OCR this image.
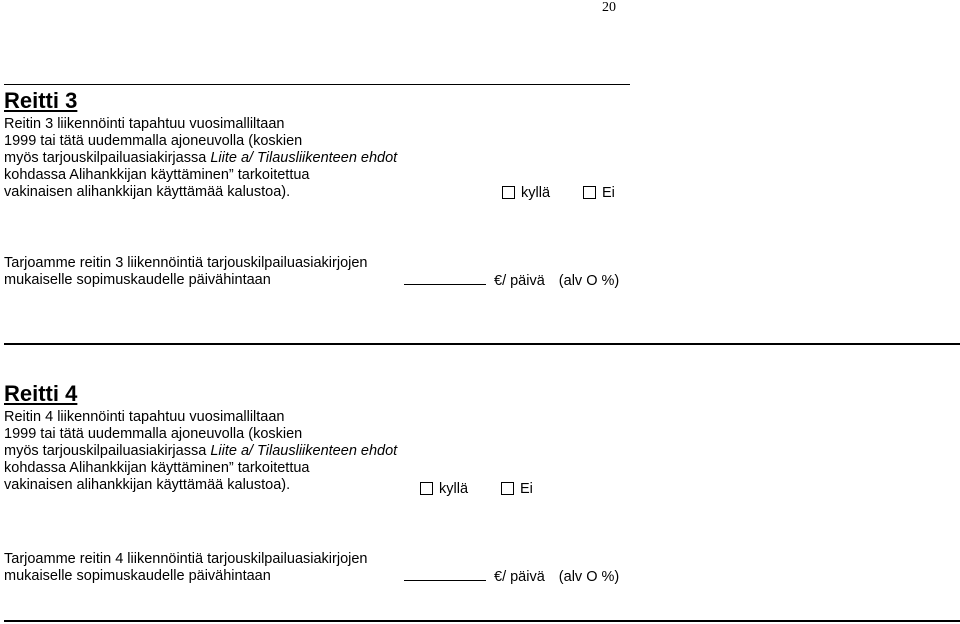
20
Reitti 3
Reitin 3 liikennöinti tapahtuu vuosimalliltaan
1999 tai tätä uudemmalla ajoneuvolla (koskien
myös tarjouskilpailuasiakirjassa Liite a/ Tilausliikenteen ehdot
kohdassa Alihankkijan käyttäminen” tarkoitettua
vakinaisen alihankkijan käyttämää kalustoa).	kyllä	Ei
Tarjoamme reitin 3 liikennöintiä tarjouskilpailuasiakirjojen
mukaiselle sopimuskaudelle päivähintaan	€/ päivä (alv O %)
Reitti 4
Reitin 4 liikennöinti tapahtuu vuosimalliltaan
1999 tai tätä uudemmalla ajoneuvolla (koskien
myös tarjouskilpailuasiakirjassa Liite a/ Tilausliikenteen ehdot
kohdassa Alihankkijan käyttäminen” tarkoitettua
vakinaisen alihankkijan käyttämää kalustoa).	kyllä	Ei
Tarjoamme reitin 4 liikennöintiä tarjouskilpailuasiakirjojen
mukaiselle sopimuskaudelle päivähintaan	€/ päivä (alv O %)
